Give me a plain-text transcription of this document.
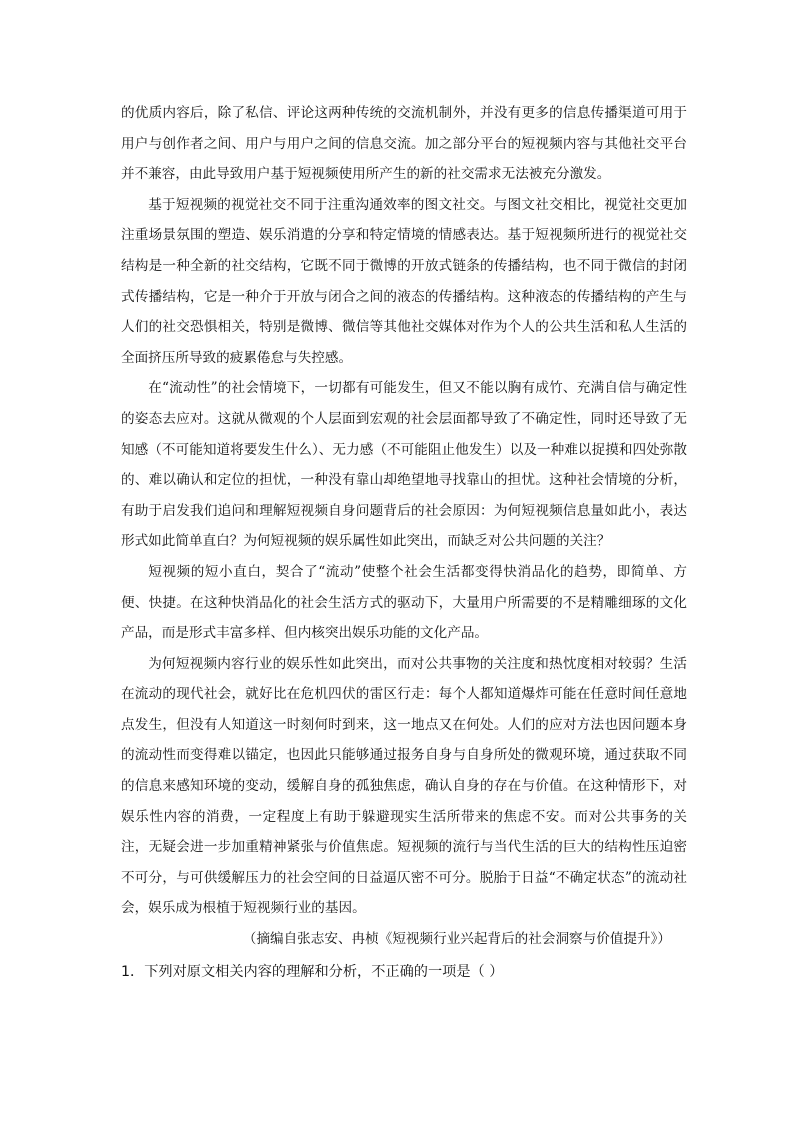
的优质内容后，除了私信、评论这两种传统的交流机制外，并没有更多的信息传播渠道可用于用户与创作者之间、用户与用户之间的信息交流。加之部分平台的短视频内容与其他社交平台并不兼容，由此导致用户基于短视频使用所产生的新的社交需求无法被充分激发。

基于短视频的视觉社交不同于注重沟通效率的图文社交。与图文社交相比，视觉社交更加注重场景氛围的塑造、娱乐消遣的分享和特定情境的情感表达。基于短视频所进行的视觉社交结构是一种全新的社交结构，它既不同于微博的开放式链条的传播结构，也不同于微信的封闭式传播结构，它是一种介于开放与闭合之间的液态的传播结构。这种液态的传播结构的产生与人们的社交恐惧相关，特别是微博、微信等其他社交媒体对作为个人的公共生活和私人生活的全面挤压所导致的疲累倦怠与失控感。

在“流动性”的社会情境下，一切都有可能发生，但又不能以胸有成竹、充满自信与确定性的姿态去应对。这就从微观的个人层面到宏观的社会层面都导致了不确定性，同时还导致了无知感（不可能知道将要发生什么）、无力感（不可能阻止他发生）以及一种难以捉摸和四处弥散的、难以确认和定位的担忧，一种没有靠山却绝望地寻找靠山的担忧。这种社会情境的分析，有助于启发我们追问和理解短视频自身问题背后的社会原因：为何短视频信息量如此小，表达形式如此简单直白？为何短视频的娱乐属性如此突出，而缺乏对公共问题的关注？

短视频的短小直白，契合了“流动”使整个社会生活都变得快消品化的趋势，即简单、方便、快捷。在这种快消品化的社会生活方式的驱动下，大量用户所需要的不是精雕细琢的文化产品，而是形式丰富多样、但内核突出娱乐功能的文化产品。

为何短视频内容行业的娱乐性如此突出，而对公共事物的关注度和热忱度相对较弱？生活在流动的现代社会，就好比在危机四伏的雷区行走：每个人都知道爆炸可能在任意时间任意地点发生，但没有人知道这一时刻何时到来，这一地点又在何处。人们的应对方法也因问题本身的流动性而变得难以锚定，也因此只能够通过报务自身与自身所处的微观环境，通过获取不同的信息来感知环境的变动，缓解自身的孤独焦虑，确认自身的存在与价值。在这种情形下，对娱乐性内容的消费，一定程度上有助于躲避现实生活所带来的焦虑不安。而对公共事务的关注，无疑会进一步加重精神紧张与价值焦虑。短视频的流行与当代生活的巨大的结构性压迫密不可分，与可供缓解压力的社会空间的日益逼仄密不可分。脱胎于日益“不确定状态”的流动社会，娱乐成为根植于短视频行业的基因。

（摘编自张志安、冉桢《短视频行业兴起背后的社会洞察与价值提升》）

1．下列对原文相关内容的理解和分析，不正确的一项是（ ）
